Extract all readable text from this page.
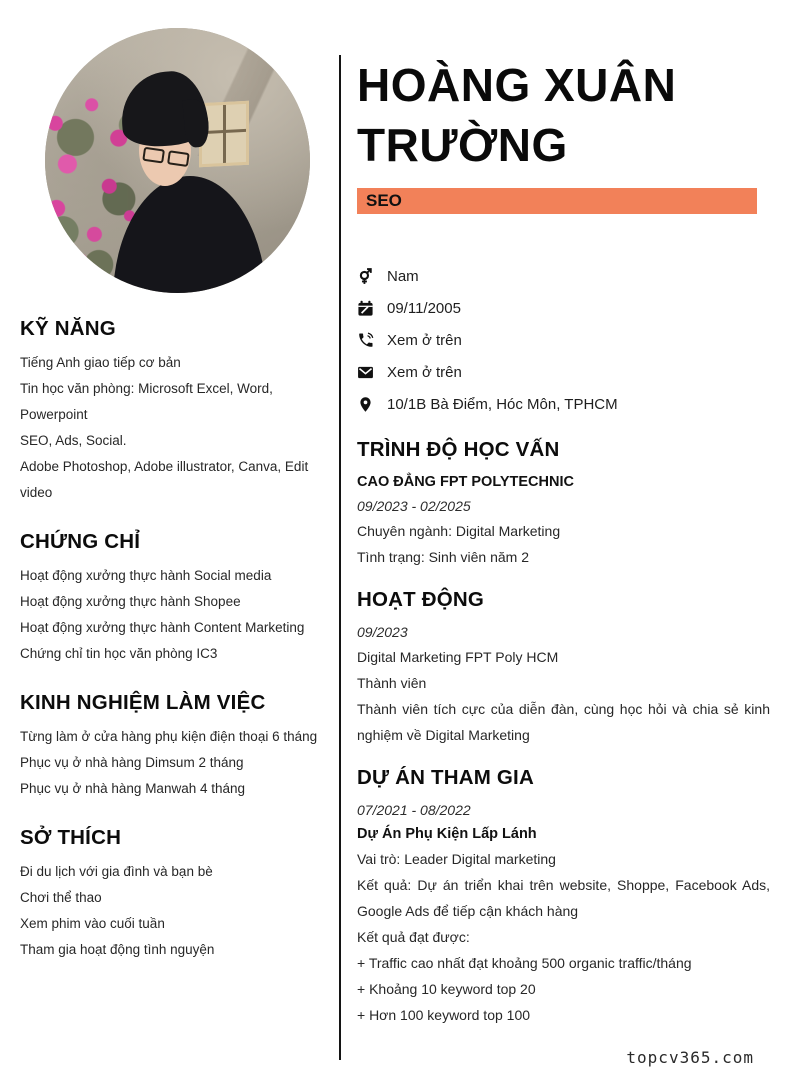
KỸ NĂNG

Tiếng Anh giao tiếp cơ bản

Tin học văn phòng: Microsoft Excel, Word, Powerpoint

SEO, Ads, Social.

Adobe Photoshop, Adobe illustrator, Canva, Edit video

CHỨNG CHỈ

Hoạt động xưởng thực hành Social media

Hoạt động xưởng thực hành Shopee

Hoạt động xưởng thực hành Content Marketing

Chứng chỉ tin học văn phòng IC3

KINH NGHIỆM LÀM VIỆC

Từng làm ở cửa hàng phụ kiện điện thoại 6 tháng

Phục vụ ở nhà hàng Dimsum 2 tháng

Phục vụ ở nhà hàng Manwah 4 tháng

SỞ THÍCH

Đi du lịch với gia đình và bạn bè

Chơi thể thao

Xem phim vào cuối tuần

Tham gia hoạt động tình nguyện

HOÀNG XUÂN TRƯỜNG
SEO
Nam
09/11/2005
Xem ở trên
Xem ở trên
10/1B Bà Điểm, Hóc Môn, TPHCM
TRÌNH ĐỘ HỌC VẤN

CAO ĐẲNG FPT POLYTECHNIC

09/2023 - 02/2025

Chuyên ngành: Digital Marketing

Tình trạng: Sinh viên năm 2

HOẠT ĐỘNG

09/2023

Digital Marketing FPT Poly HCM

Thành viên

Thành viên tích cực của diễn đàn, cùng học hỏi và chia sẻ kinh nghiệm về Digital Marketing

DỰ ÁN THAM GIA

07/2021 - 08/2022

Dự Án Phụ Kiện Lấp Lánh

Vai trò: Leader Digital marketing

Kết quả: Dự án triển khai trên website, Shoppe, Facebook Ads, Google Ads để tiếp cận khách hàng

Kết quả đạt được:

+ Traffic cao nhất đạt khoảng 500 organic traffic/tháng

+ Khoảng 10 keyword top 20

+ Hơn 100 keyword top 100

topcv365.com
